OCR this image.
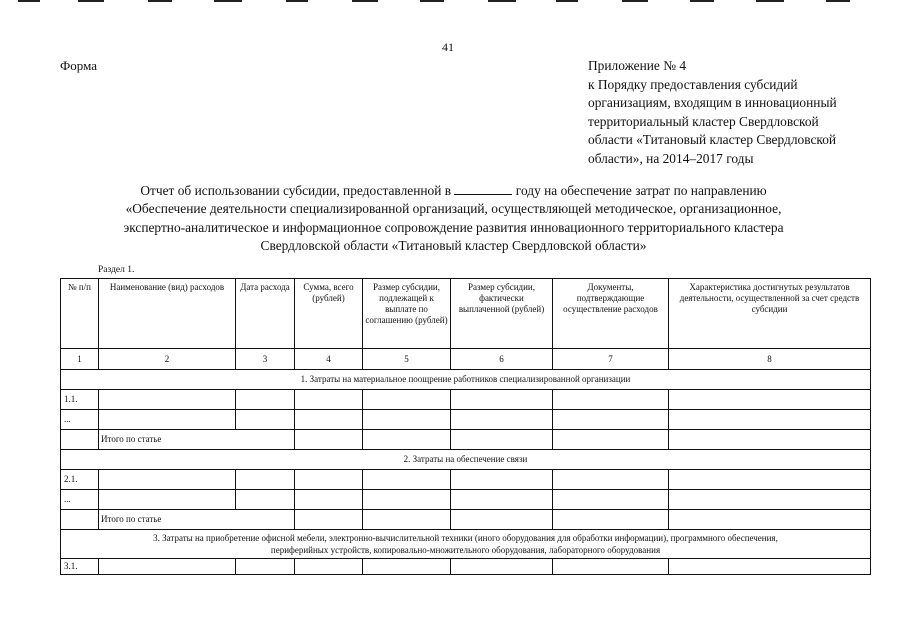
41
Форма	Приложение № 4
к Порядку предоставления субсидий
организациям, входящим в инновационный
территориальный кластер Свердловской
области «Титановый кластер Свердловской
области», на 2014–2017 годы
Отчет об использовании субсидии, предоставленной в	году на обеспечение затрат по направлению
«Обеспечение деятельности специализированной организаций, осуществляющей методическое, организационное,
экспертно-аналитическое и информационное сопровождение развития инновационного территориального кластера
Свердловской области «Титановый кластер Свердловской области»
Раздел 1.
№ п/п	Наименование (вид) расходов	Дата расхода	Сумма, всего (рублей)	Размер субсидии, подлежащей к выплате по соглашению (рублей)	Размер субсидии, фактически выплаченной (рублей)	Документы, подтверждающие осуществление расходов	Характеристика достигнутых результатов деятельности, осуществленной за счет средств субсидии
1	2	3	4	5	6	7	8
1. Затраты на материальное поощрение работников специализированной организации							
1.1.							
...							
	Итого по статье						
2. Затраты на обеспечение связи							
2.1.							
...							
	Итого по статье						

3. Затраты на приобретение офисной мебели, электронно-вычислительной техники (иного оборудования для обработки информации), программного обеспечения,
периферийных устройств, копировально-множительного оборудования, лабораторного оборудования							

3.1.							
